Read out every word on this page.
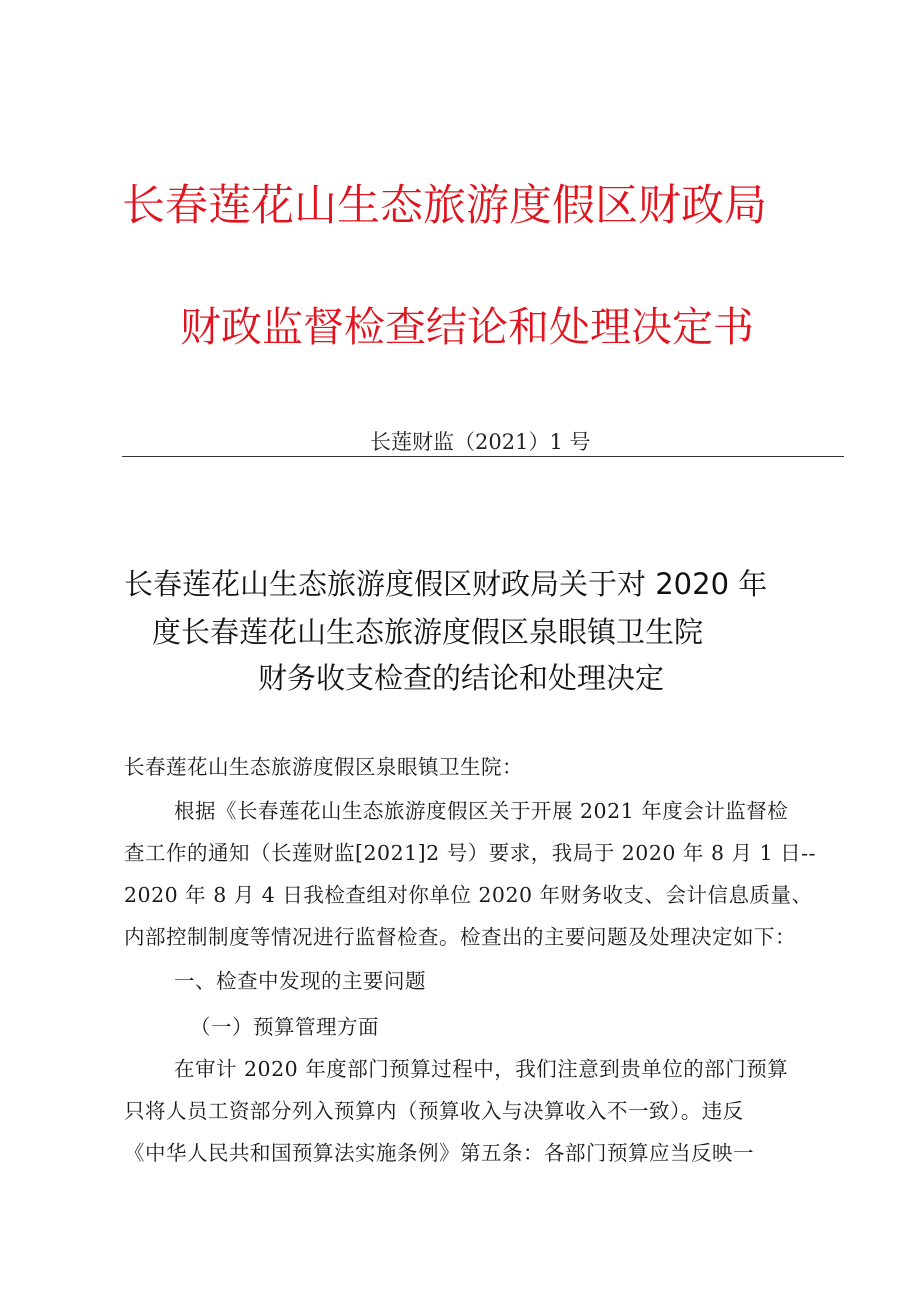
长春莲花山生态旅游度假区财政局
财政监督检查结论和处理决定书
长莲财监（2021）1 号
长春莲花山生态旅游度假区财政局关于对 2020 年
度长春莲花山生态旅游度假区泉眼镇卫生院
财务收支检查的结论和处理决定
长春莲花山生态旅游度假区泉眼镇卫生院：
根据《长春莲花山生态旅游度假区关于开展 2021 年度会计监督检
查工作的通知（长莲财监[2021]2 号）要求，我局于 2020 年 8 月 1 日--
2020 年 8 月 4 日我检查组对你单位 2020 年财务收支、会计信息质量、
内部控制制度等情况进行监督检查。检查出的主要问题及处理决定如下：
一、检查中发现的主要问题
（一）预算管理方面
在审计 2020 年度部门预算过程中，我们注意到贵单位的部门预算
只将人员工资部分列入预算内（预算收入与决算收入不一致）。违反
《中华人民共和国预算法实施条例》第五条：各部门预算应当反映一
